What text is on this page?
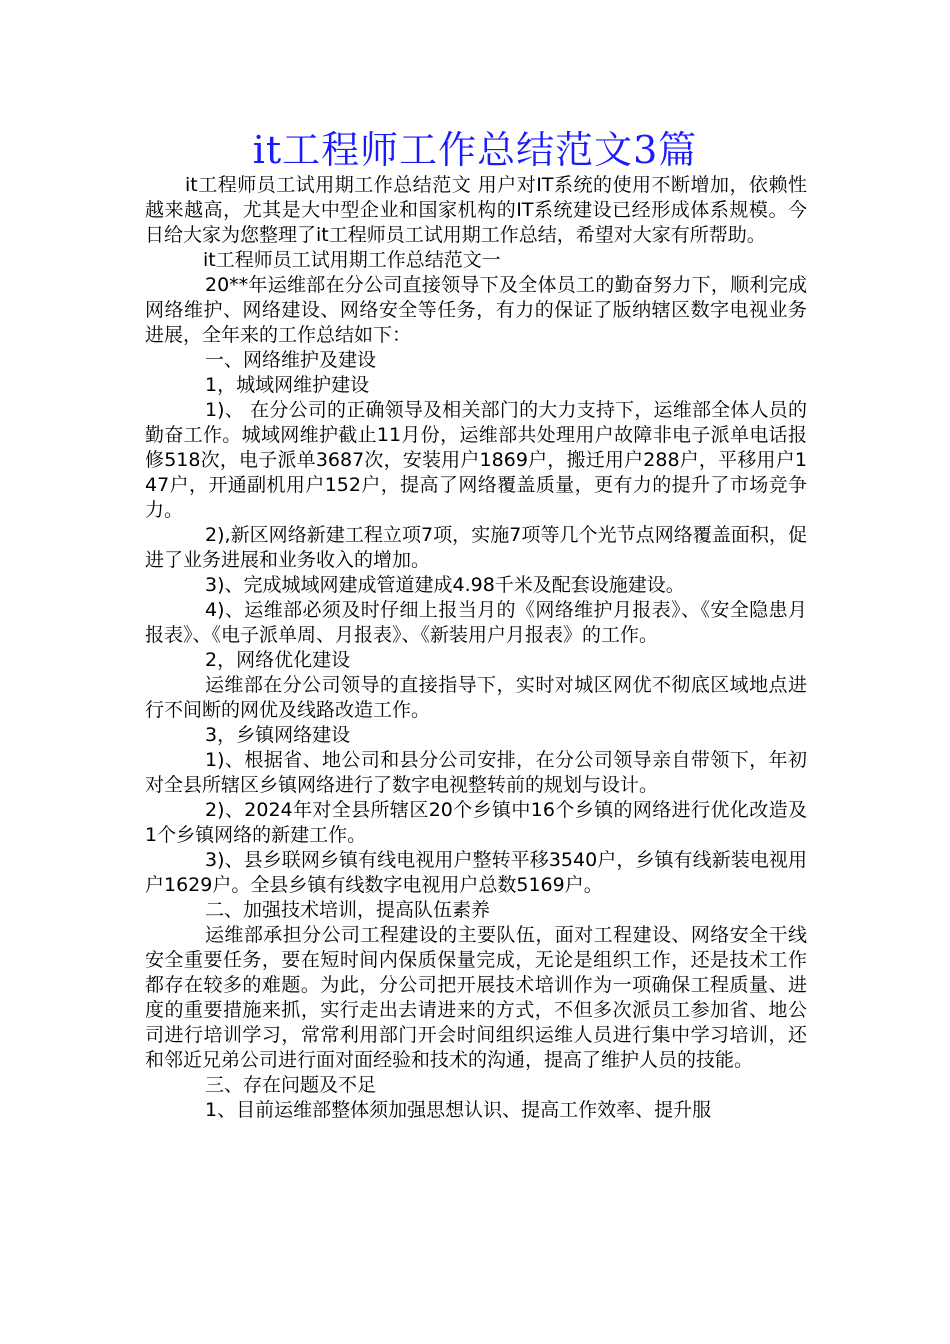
it工程师工作总结范文3篇

it工程师员工试用期工作总结范文 用户对IT系统的使用不断增加，依赖性越来越高，尤其是大中型企业和国家机构的IT系统建设已经形成体系规模。今日给大家为您整理了it工程师员工试用期工作总结，希望对大家有所帮助。

it工程师员工试用期工作总结范文一

20**年运维部在分公司直接领导下及全体员工的勤奋努力下，顺利完成网络维护、网络建设、网络安全等任务，有力的保证了版纳辖区数字电视业务进展，全年来的工作总结如下：

一、网络维护及建设

1，城域网维护建设

1)、 在分公司的正确领导及相关部门的大力支持下，运维部全体人员的勤奋工作。城域网维护截止11月份，运维部共处理用户故障非电子派单电话报修518次，电子派单3687次，安装用户1869户，搬迁用户288户，平移用户147户，开通副机用户152户，提高了网络覆盖质量，更有力的提升了市场竞争力。

2),新区网络新建工程立项7项，实施7项等几个光节点网络覆盖面积，促进了业务进展和业务收入的增加。

3)、完成城域网建成管道建成4.98千米及配套设施建设。

4)、运维部必须及时仔细上报当月的《网络维护月报表》、《安全隐患月报表》、《电子派单周、月报表》、《新装用户月报表》的工作。

2，网络优化建设

运维部在分公司领导的直接指导下，实时对城区网优不彻底区域地点进行不间断的网优及线路改造工作。

3，乡镇网络建设

1)、根据省、地公司和县分公司安排，在分公司领导亲自带领下，年初对全县所辖区乡镇网络进行了数字电视整转前的规划与设计。

2)、2024年对全县所辖区20个乡镇中16个乡镇的网络进行优化改造及1个乡镇网络的新建工作。

3)、县乡联网乡镇有线电视用户整转平移3540户，乡镇有线新装电视用户1629户。全县乡镇有线数字电视用户总数5169户。

二、加强技术培训，提高队伍素养

运维部承担分公司工程建设的主要队伍，面对工程建设、网络安全干线安全重要任务，要在短时间内保质保量完成，无论是组织工作，还是技术工作都存在较多的难题。为此，分公司把开展技术培训作为一项确保工程质量、进度的重要措施来抓，实行走出去请进来的方式，不但多次派员工参加省、地公司进行培训学习，常常利用部门开会时间组织运维人员进行集中学习培训，还和邻近兄弟公司进行面对面经验和技术的沟通，提高了维护人员的技能。

三、存在问题及不足

1、目前运维部整体须加强思想认识、提高工作效率、提升服
